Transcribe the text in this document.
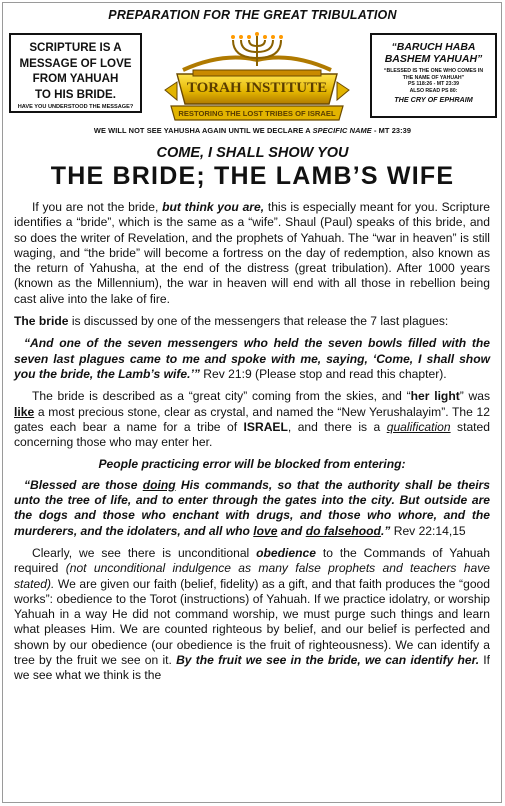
PREPARATION FOR THE GREAT TRIBULATION
SCRIPTURE IS A
MESSAGE OF LOVE
FROM YAHUAH
TO HIS BRIDE.
HAVE YOU UNDERSTOOD THE MESSAGE?
TORAH INSTITUTE
RESTORING THE LOST TRIBES OF ISRAEL
“BARUCH HABA
BASHEM YAHUAH”
“BLESSED IS THE ONE WHO COMES IN
THE NAME OF YAHUAH”
PS 118:26 - MT 23:39
ALSO READ PS 80:
THE CRY OF EPHRAIM
WE WILL NOT SEE YAHUSHA AGAIN UNTIL WE DECLARE A SPECIFIC NAME - MT 23:39
COME, I SHALL SHOW YOU
THE BRIDE; THE LAMB’S WIFE

If you are not the bride, but think you are, this is especially meant for you. Scripture identifies a “bride”, which is the same as a “wife”. Shaul (Paul) speaks of this bride, and so does the writer of Revelation, and the prophets of Yahuah. The “war in heaven” is still waging, and “the bride” will become a fortress on the day of redemption, also known as the return of Yahusha, at the end of the distress (great tribulation). After 1000 years (known as the Millennium), the war in heaven will end with all those in rebellion being cast alive into the lake of fire.

The bride is discussed by one of the messengers that release the 7 last plagues:

“And one of the seven messengers who held the seven bowls filled with the seven last plagues came to me and spoke with me, saying, ‘Come, I shall show you the bride, the Lamb’s wife.’” Rev 21:9 (Please stop and read this chapter).

The bride is described as a “great city” coming from the skies, and “her light” was like a most precious stone, clear as crystal, and named the “New Yerushalayim”. The 12 gates each bear a name for a tribe of ISRAEL, and there is a qualification stated concerning those who may enter her.

People practicing error will be blocked from entering:

“Blessed are those doing His commands, so that the authority shall be theirs unto the tree of life, and to enter through the gates into the city. But outside are the dogs and those who enchant with drugs, and those who whore, and the murderers, and the idolaters, and all who love and do falsehood.” Rev 22:14,15

Clearly, we see there is unconditional obedience to the Commands of Yahuah required (not unconditional indulgence as many false prophets and teachers have stated). We are given our faith (belief, fidelity) as a gift, and that faith produces the “good works”: obedience to the Torot (instructions) of Yahuah. If we practice idolatry, or worship Yahuah in a way He did not command worship, we must purge such things and learn what pleases Him. We are counted righteous by belief, and our belief is perfected and shown by our obedience (our obedience is the fruit of righteousness). We can identify a tree by the fruit we see on it. By the fruit we see in the bride, we can identify her. If we see what we think is the
